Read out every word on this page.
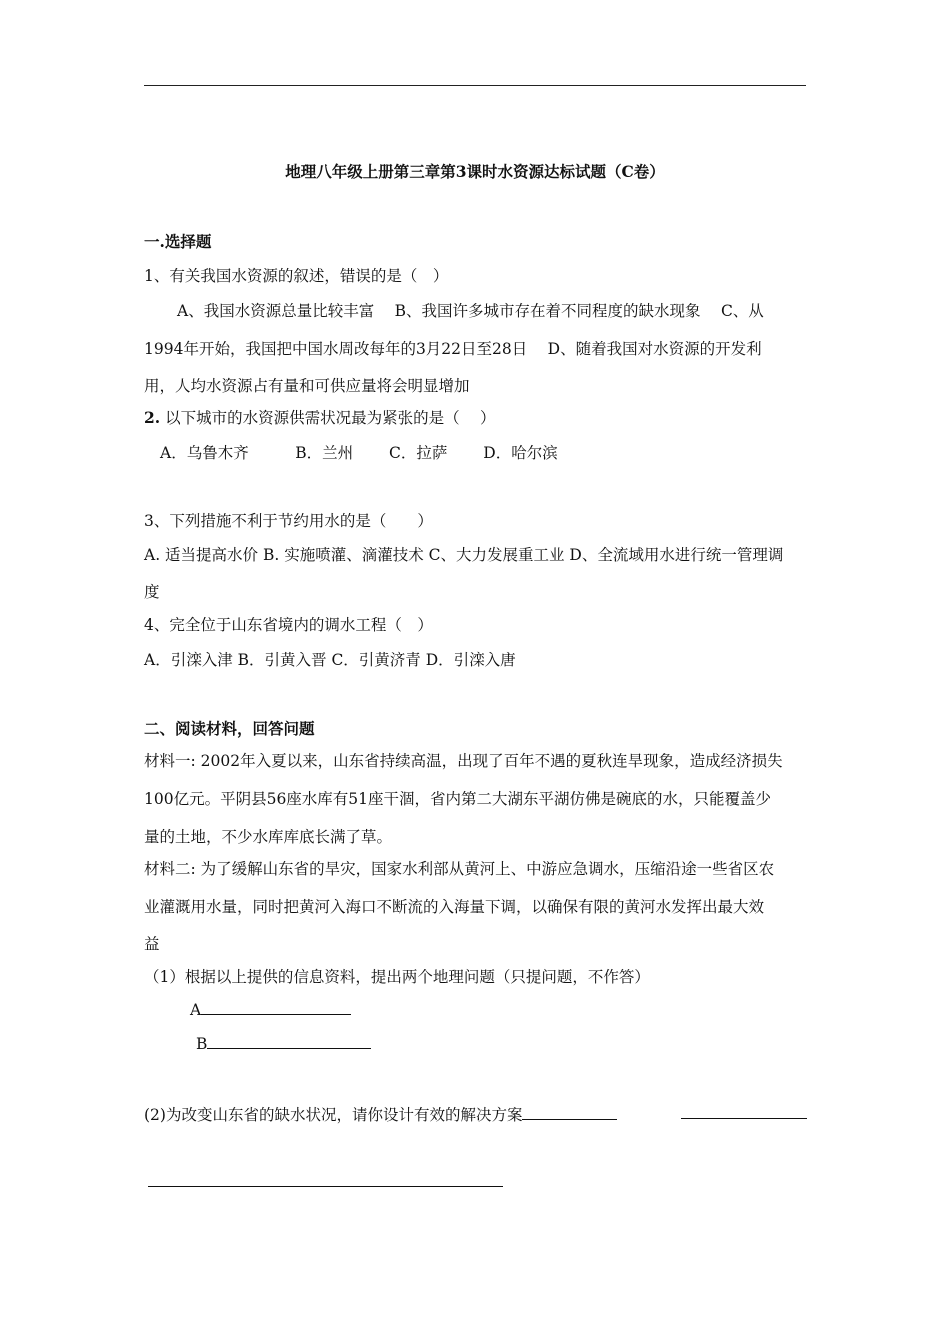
地理八年级上册第三章第3课时水资源达标试题（C卷）
一.选择题
1、有关我国水资源的叙述，错误的是（　）
A、我国水资源总量比较丰富　 B、我国许多城市存在着不同程度的缺水现象　 C、从
1994年开始，我国把中国水周改每年的3月22日至28日　 D、随着我国对水资源的开发利
用，人均水资源占有量和可供应量将会明显增加
2. 以下城市的水资源供需状况最为紧张的是（　 ）
A．乌鲁木齐　　　B．兰州　　 C．拉萨　　 D．哈尔滨
3、下列措施不利于节约用水的是（　　）
A. 适当提高水价 B. 实施喷灌、滴灌技术 C、大力发展重工业 D、全流域用水进行统一管理调
度
4、完全位于山东省境内的调水工程（　）
A．引滦入津 B．引黄入晋 C．引黄济青 D．引滦入唐
二、阅读材料，回答问题
材料一: 2002年入夏以来，山东省持续高温，出现了百年不遇的夏秋连旱现象，造成经济损失
100亿元。平阴县56座水库有51座干涸，省内第二大湖东平湖仿佛是碗底的水，只能覆盖少
量的土地，不少水库库底长满了草。
材料二: 为了缓解山东省的旱灾，国家水利部从黄河上、中游应急调水，压缩沿途一些省区农
业灌溉用水量，同时把黄河入海口不断流的入海量下调，以确保有限的黄河水发挥出最大效
益
（1）根据以上提供的信息资料，提出两个地理问题（只提问题，不作答）
A
B
(2)为改变山东省的缺水状况，请你设计有效的解决方案
